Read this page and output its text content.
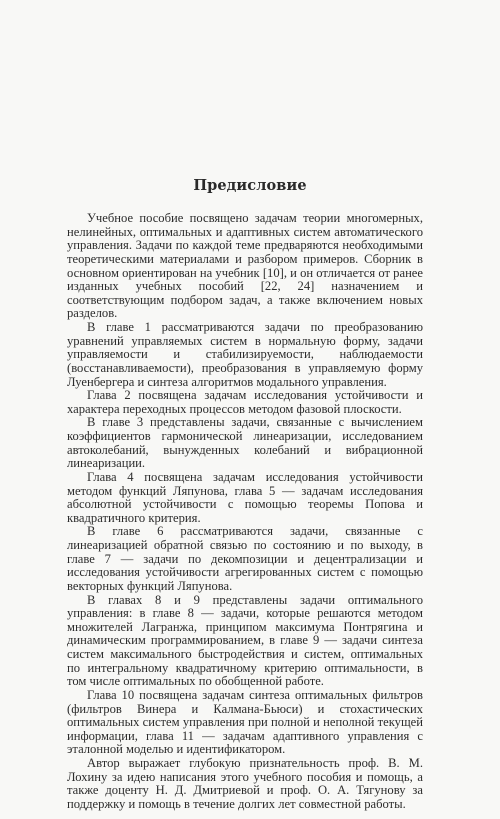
Предисловие

Учебное пособие посвящено задачам теории многомерных, нелинейных, оптимальных и адаптивных систем автоматического управления. Задачи по каждой теме предваряются необходимыми теоретическими материалами и разбором примеров. Сборник в основном ориентирован на учебник [10], и он отличается от ранее изданных учебных пособий [22, 24] назначением и соответствующим подбором задач, а также включением новых разделов.

В главе 1 рассматриваются задачи по преобразованию уравнений управляемых систем в нормальную форму, задачи управляемости и стабилизируемости, наблюдаемости (восстанавливаемости), преобразования в управляемую форму Луенбергера и синтеза алгоритмов модального управления.

Глава 2 посвящена задачам исследования устойчивости и характера переходных процессов методом фазовой плоскости.

В главе 3 представлены задачи, связанные с вычислением коэффициентов гармонической линеаризации, исследованием автоколебаний, вынужденных колебаний и вибрационной линеаризации.

Глава 4 посвящена задачам исследования устойчивости методом функций Ляпунова, глава 5 — задачам исследования абсолютной устойчивости с помощью теоремы Попова и квадратичного критерия.

В главе 6 рассматриваются задачи, связанные с линеаризацией обратной связью по состоянию и по выходу, в главе 7 — задачи по декомпозиции и децентрализации и исследования устойчивости агрегированных систем с помощью векторных функций Ляпунова.

В главах 8 и 9 представлены задачи оптимального управления: в главе 8 — задачи, которые решаются методом множителей Лагранжа, принципом максимума Понтрягина и динамическим программированием, в главе 9 — задачи синтеза систем максимального быстродействия и систем, оптимальных по интегральному квадратичному критерию оптимальности, в том числе оптимальных по обобщенной работе.

Глава 10 посвящена задачам синтеза оптимальных фильтров (фильтров Винера и Калмана-Бьюси) и стохастических оптимальных систем управления при полной и неполной текущей информации, глава 11 — задачам адаптивного управления с эталонной моделью и идентификатором.

Автор выражает глубокую признательность проф. В. М. Лохину за идею написания этого учебного пособия и помощь, а также доценту Н. Д. Дмитриевой и проф. О. А. Тягунову за поддержку и помощь в течение долгих лет совместной работы.
